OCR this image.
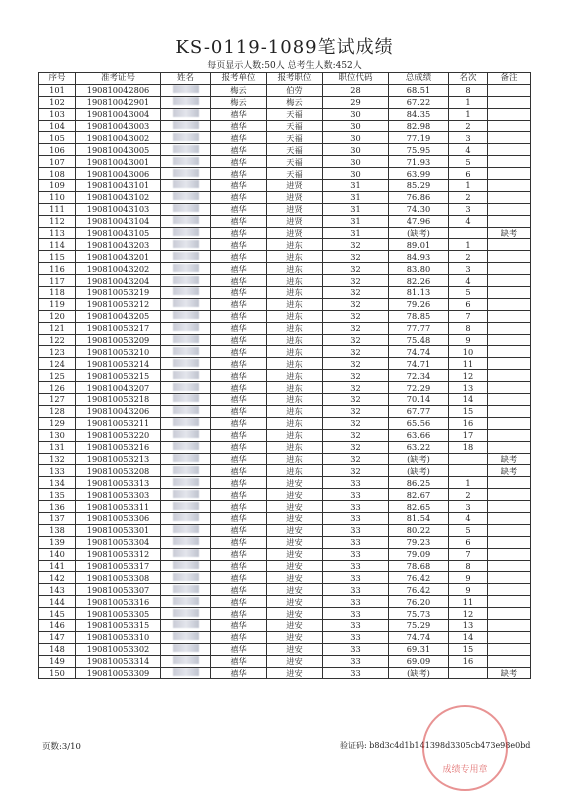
KS-0119-1089笔试成绩
每页显示人数:50人 总考生人数:452人
序号	准考证号	姓名	报考单位	报考职位	职位代码	总成绩	名次	备注
101	190810042806		梅云	伯劳	28	68.51	8	
102	190810042901		梅云	梅云	29	67.22	1	
103	190810043004		禧华	天福	30	84.35	1	
104	190810043003		禧华	天福	30	82.98	2	
105	190810043002		禧华	天福	30	77.19	3	
106	190810043005		禧华	天福	30	75.95	4	
107	190810043001		禧华	天福	30	71.93	5	
108	190810043006		禧华	天福	30	63.99	6	
109	190810043101		禧华	进贤	31	85.29	1	
110	190810043102		禧华	进贤	31	76.86	2	
111	190810043103		禧华	进贤	31	74.30	3	
112	190810043104		禧华	进贤	31	47.96	4	
113	190810043105		禧华	进贤	31	(缺考)		缺考
114	190810043203		禧华	进东	32	89.01	1	
115	190810043201		禧华	进东	32	84.93	2	
116	190810043202		禧华	进东	32	83.80	3	
117	190810043204		禧华	进东	32	82.26	4	
118	190810053219		禧华	进东	32	81.13	5	
119	190810053212		禧华	进东	32	79.26	6	
120	190810043205		禧华	进东	32	78.85	7	
121	190810053217		禧华	进东	32	77.77	8	
122	190810053209		禧华	进东	32	75.48	9	
123	190810053210		禧华	进东	32	74.74	10	
124	190810053214		禧华	进东	32	74.71	11	
125	190810053215		禧华	进东	32	72.34	12	
126	190810043207		禧华	进东	32	72.29	13	
127	190810053218		禧华	进东	32	70.14	14	
128	190810043206		禧华	进东	32	67.77	15	
129	190810053211		禧华	进东	32	65.56	16	
130	190810053220		禧华	进东	32	63.66	17	
131	190810053216		禧华	进东	32	63.22	18	
132	190810053213		禧华	进东	32	(缺考)		缺考
133	190810053208		禧华	进东	32	(缺考)		缺考
134	190810053313		禧华	进安	33	86.25	1	
135	190810053303		禧华	进安	33	82.67	2	
136	190810053311		禧华	进安	33	82.65	3	
137	190810053306		禧华	进安	33	81.54	4	
138	190810053301		禧华	进安	33	80.22	5	
139	190810053304		禧华	进安	33	79.23	6	
140	190810053312		禧华	进安	33	79.09	7	
141	190810053317		禧华	进安	33	78.68	8	
142	190810053308		禧华	进安	33	76.42	9	
143	190810053307		禧华	进安	33	76.42	9	
144	190810053316		禧华	进安	33	76.20	11	
145	190810053305		禧华	进安	33	75.73	12	
146	190810053315		禧华	进安	33	75.29	13	
147	190810053310		禧华	进安	33	74.74	14	
148	190810053302		禧华	进安	33	69.31	15	
149	190810053314		禧华	进安	33	69.09	16	
150	190810053309		禧华	进安	33	(缺考)		缺考
页数:3/10	验证码: b8d3c4d1b141398d3305cb473e98e0bd
成绩专用章
